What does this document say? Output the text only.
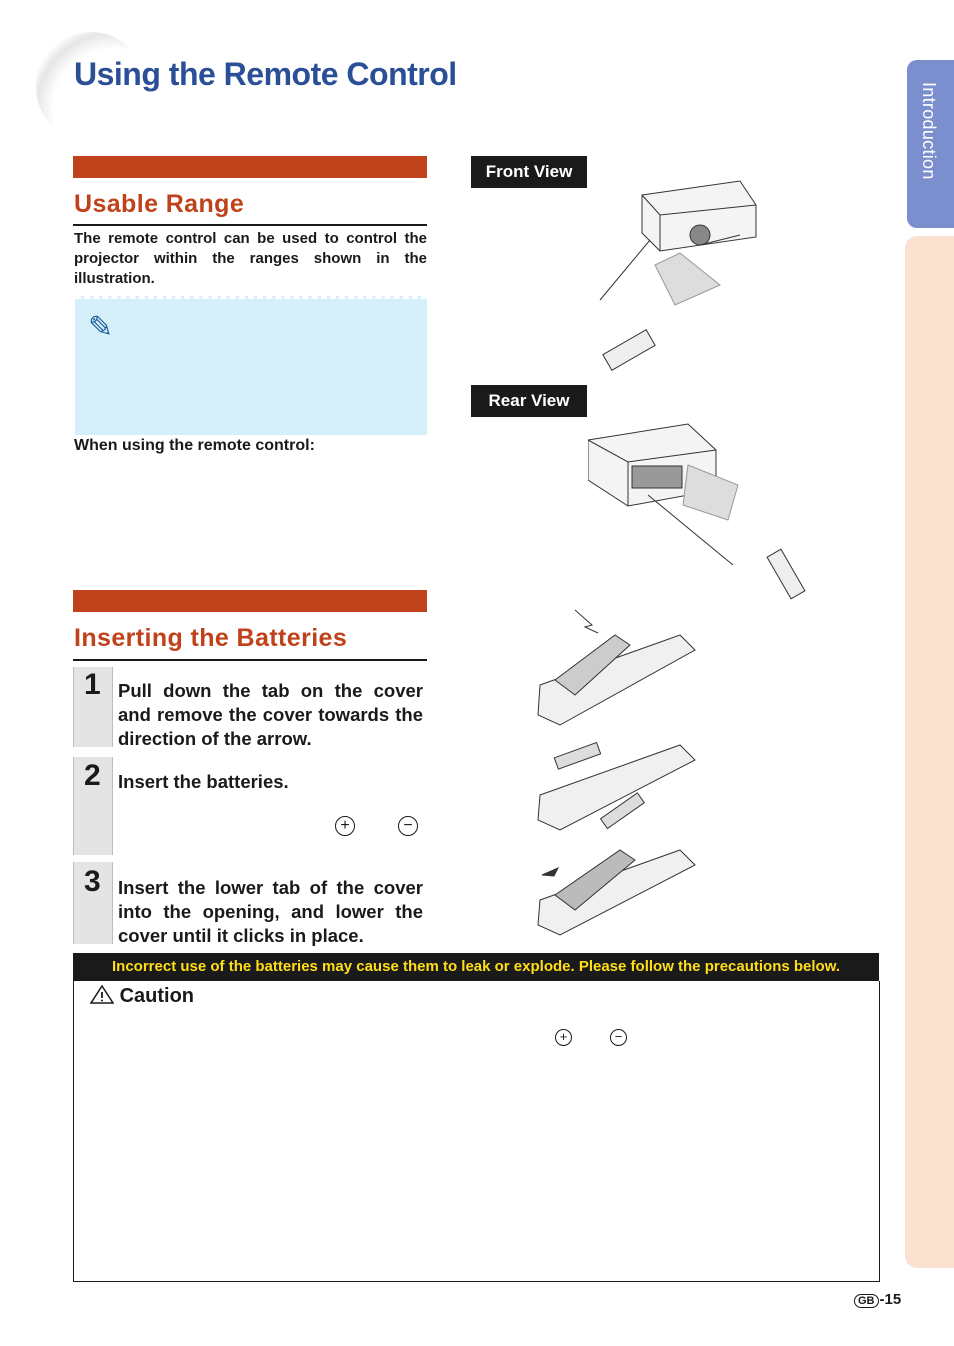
Using the Remote Control
Introduction
Usable Range
The remote control can be used to control the projector within the ranges shown in the illustration.
✎
When using the remote control:
Front View
Rear View
Inserting the Batteries
1 Pull down the tab on the cover and remove the cover towards the direction of the arrow.
2 Insert the batteries.
+	−
3 Insert the lower tab of the cover into the opening, and lower the cover until it clicks in place.
Incorrect use of the batteries may cause them to leak or explode. Please follow the precautions below.
Caution
+	−
GB -15
